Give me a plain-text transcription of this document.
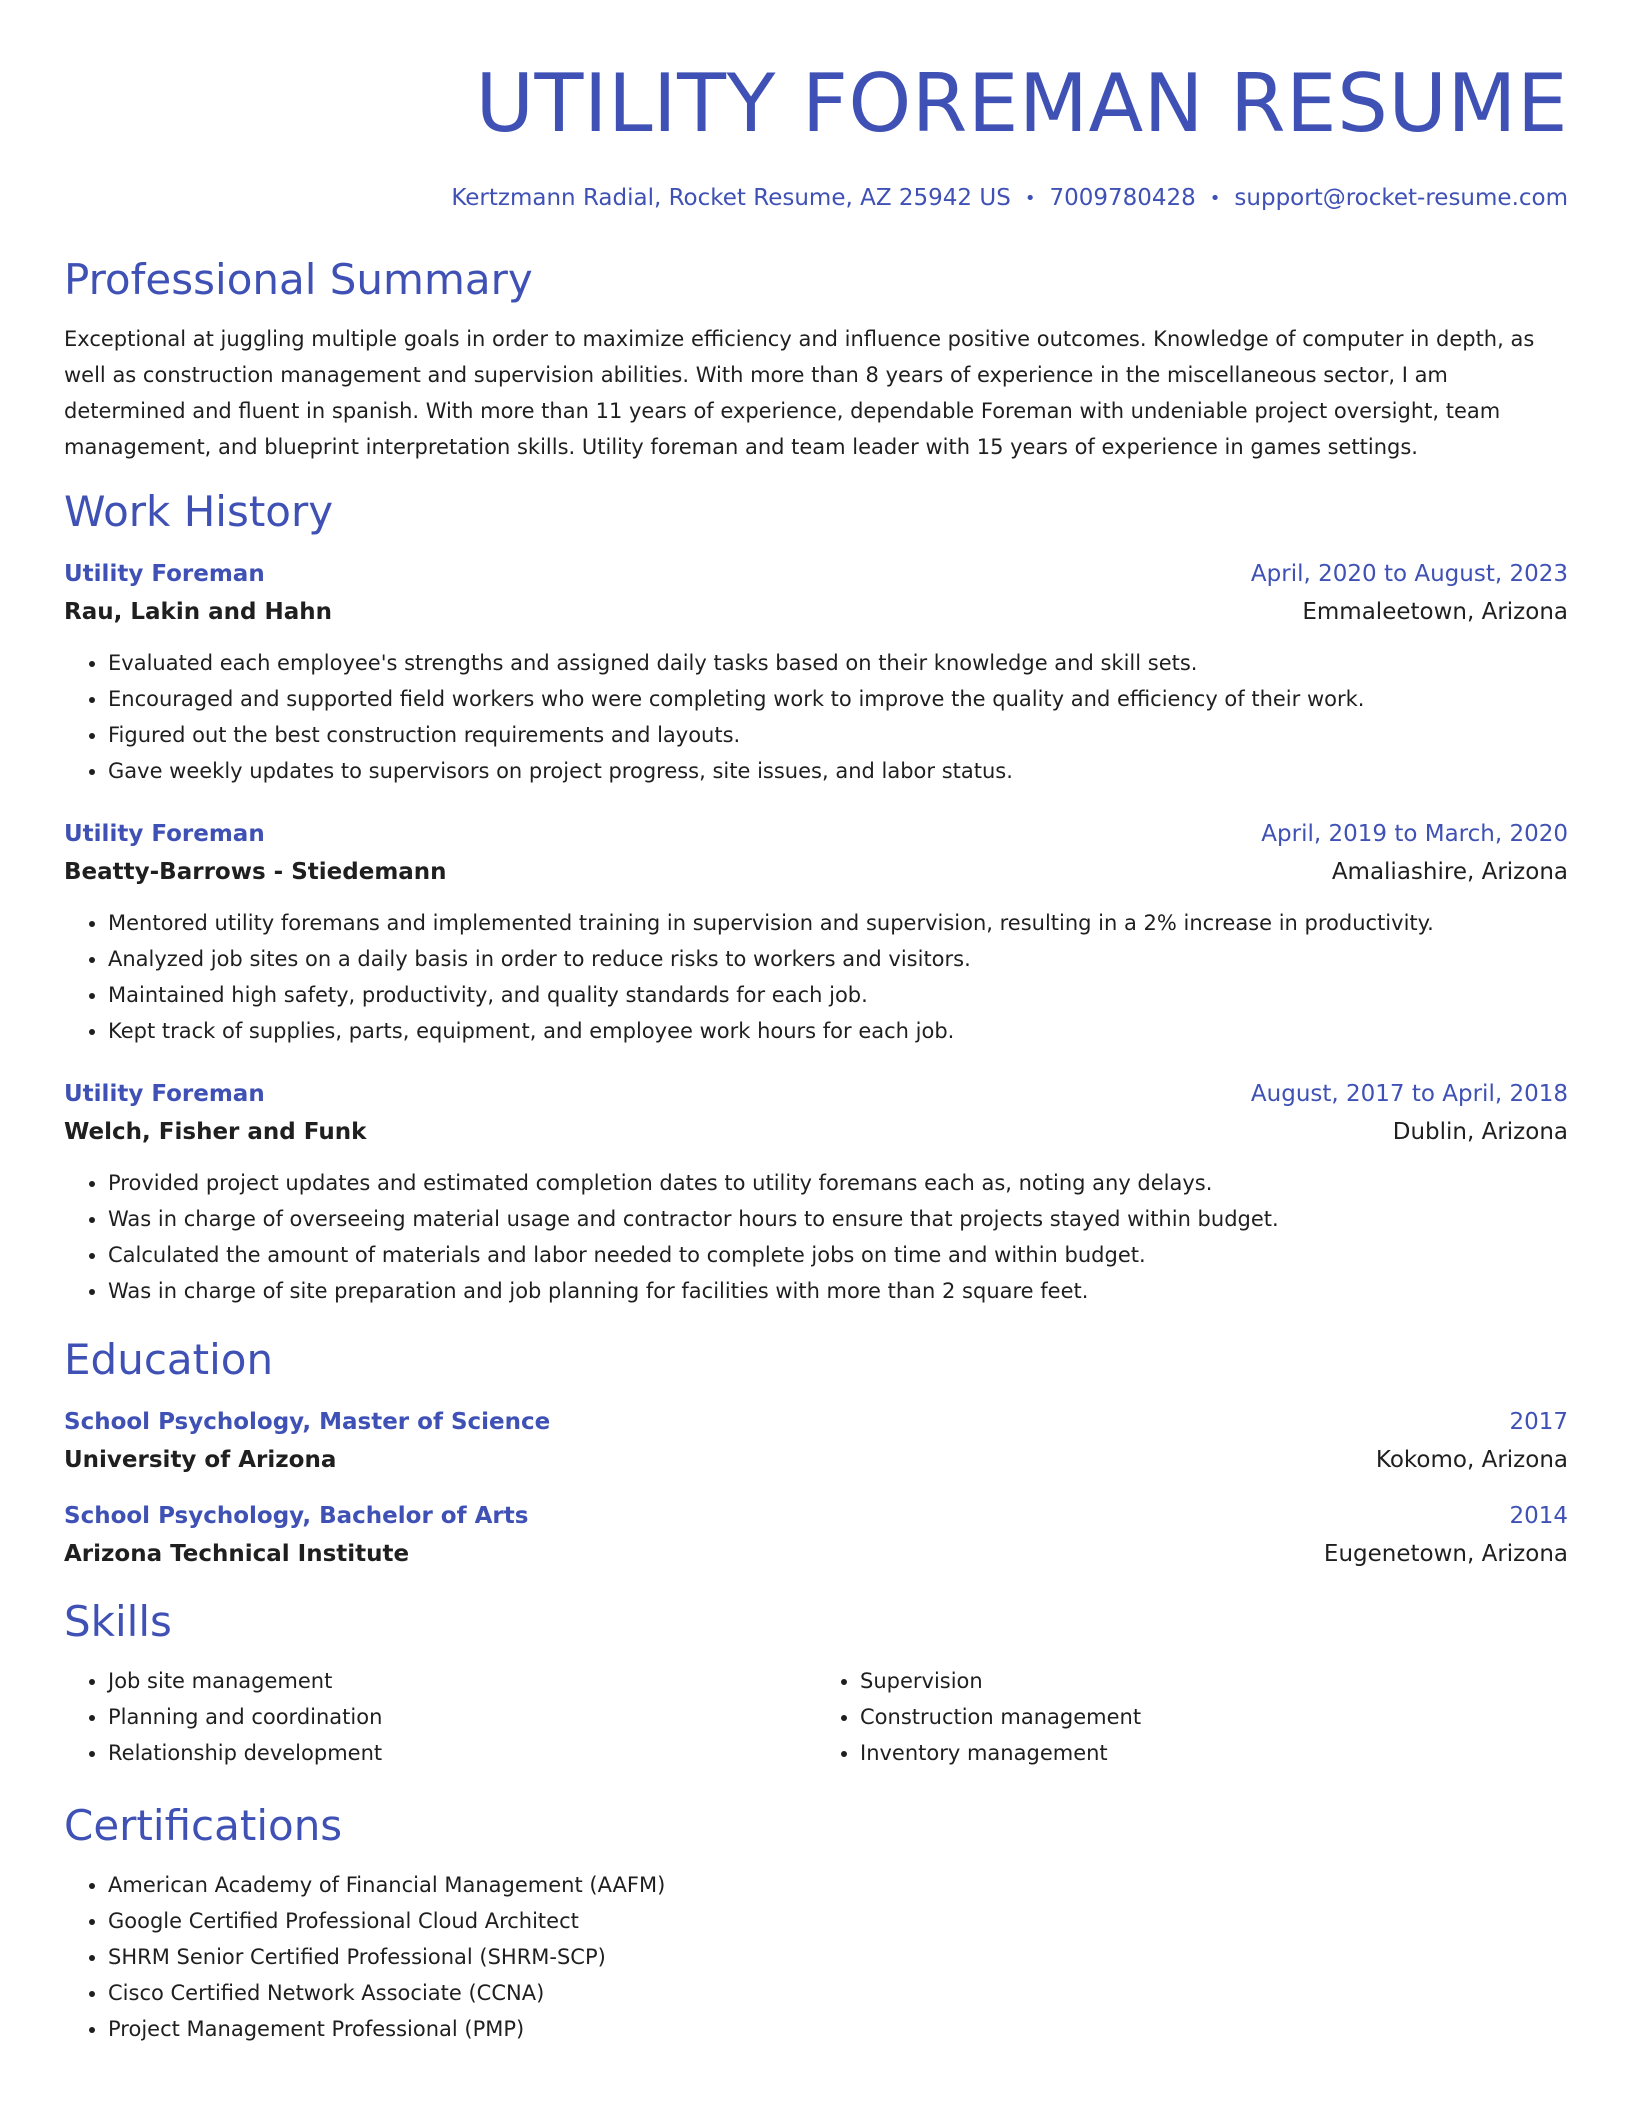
UTILITY FOREMAN RESUME
Kertzmann Radial, Rocket Resume, AZ 25942 US • 7009780428 • support@rocket-resume.com
Professional Summary
Exceptional at juggling multiple goals in order to maximize efficiency and influence positive outcomes. Knowledge of computer in depth, as well as construction management and supervision abilities. With more than 8 years of experience in the miscellaneous sector, I am determined and fluent in spanish. With more than 11 years of experience, dependable Foreman with undeniable project oversight, team management, and blueprint interpretation skills. Utility foreman and team leader with 15 years of experience in games settings.
Work History
Utility Foreman	April, 2020 to August, 2023
Rau, Lakin and Hahn	Emmaleetown, Arizona
• Evaluated each employee's strengths and assigned daily tasks based on their knowledge and skill sets.
• Encouraged and supported field workers who were completing work to improve the quality and efficiency of their work.
• Figured out the best construction requirements and layouts.
• Gave weekly updates to supervisors on project progress, site issues, and labor status.
Utility Foreman	April, 2019 to March, 2020
Beatty-Barrows - Stiedemann	Amaliashire, Arizona
• Mentored utility foremans and implemented training in supervision and supervision, resulting in a 2% increase in productivity.
• Analyzed job sites on a daily basis in order to reduce risks to workers and visitors.
• Maintained high safety, productivity, and quality standards for each job.
• Kept track of supplies, parts, equipment, and employee work hours for each job.
Utility Foreman	August, 2017 to April, 2018
Welch, Fisher and Funk	Dublin, Arizona
• Provided project updates and estimated completion dates to utility foremans each as, noting any delays.
• Was in charge of overseeing material usage and contractor hours to ensure that projects stayed within budget.
• Calculated the amount of materials and labor needed to complete jobs on time and within budget.
• Was in charge of site preparation and job planning for facilities with more than 2 square feet.
Education
School Psychology, Master of Science	2017
University of Arizona	Kokomo, Arizona
School Psychology, Bachelor of Arts	2014
Arizona Technical Institute	Eugenetown, Arizona
Skills
• Job site management
• Planning and coordination
• Relationship development
• Supervision
• Construction management
• Inventory management
Certifications
• American Academy of Financial Management (AAFM)
• Google Certified Professional Cloud Architect
• SHRM Senior Certified Professional (SHRM-SCP)
• Cisco Certified Network Associate (CCNA)
• Project Management Professional (PMP)
